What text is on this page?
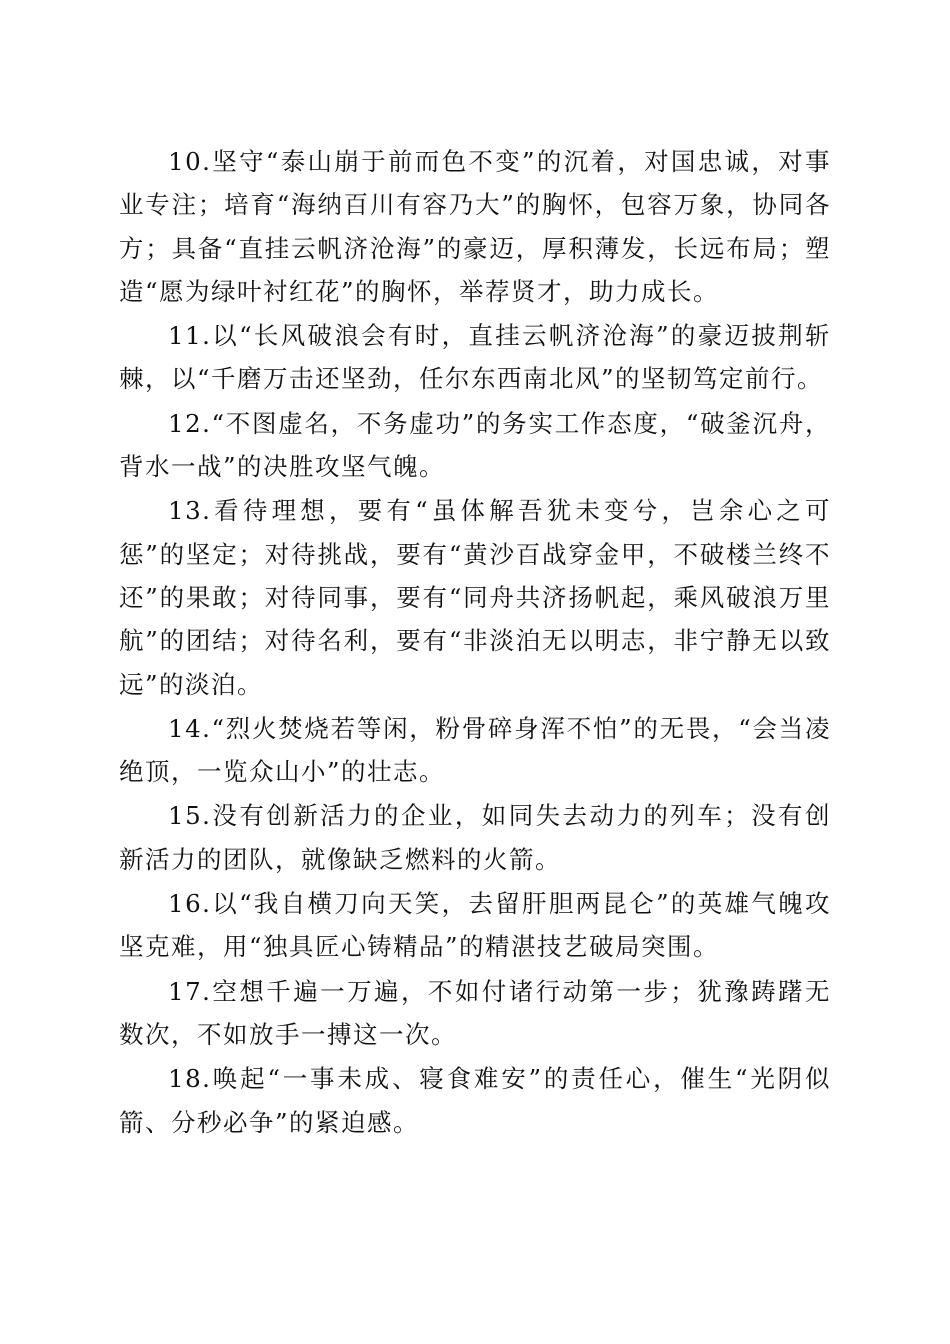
10.坚守“泰山崩于前而色不变”的沉着，对国忠诚，对事业专注；培育“海纳百川有容乃大”的胸怀，包容万象，协同各方；具备“直挂云帆济沧海”的豪迈，厚积薄发，长远布局；塑造“愿为绿叶衬红花”的胸怀，举荐贤才，助力成长。

11.以“长风破浪会有时，直挂云帆济沧海”的豪迈披荆斩棘，以“千磨万击还坚劲，任尔东西南北风”的坚韧笃定前行。

12.“不图虚名，不务虚功”的务实工作态度，“破釜沉舟，背水一战”的决胜攻坚气魄。

13.看待理想，要有“虽体解吾犹未变兮，岂余心之可惩”的坚定；对待挑战，要有“黄沙百战穿金甲，不破楼兰终不还”的果敢；对待同事，要有“同舟共济扬帆起，乘风破浪万里航”的团结；对待名利，要有“非淡泊无以明志，非宁静无以致远”的淡泊。

14.“烈火焚烧若等闲，粉骨碎身浑不怕”的无畏，“会当凌绝顶，一览众山小”的壮志。

15.没有创新活力的企业，如同失去动力的列车；没有创新活力的团队，就像缺乏燃料的火箭。

16.以“我自横刀向天笑，去留肝胆两昆仑”的英雄气魄攻坚克难，用“独具匠心铸精品”的精湛技艺破局突围。

17.空想千遍一万遍，不如付诸行动第一步；犹豫踌躇无数次，不如放手一搏这一次。

18.唤起“一事未成、寝食难安”的责任心，催生“光阴似箭、分秒必争”的紧迫感。
